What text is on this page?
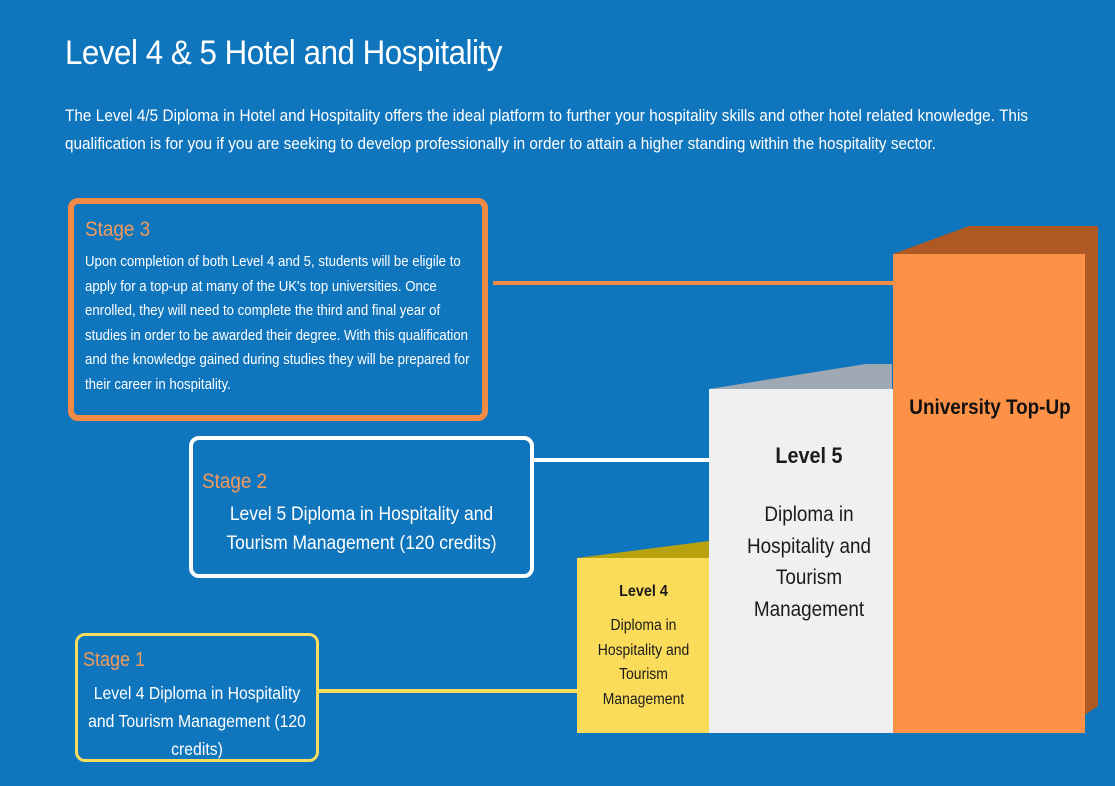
Level 4 & 5 Hotel and Hospitality
The Level 4/5 Diploma in Hotel and Hospitality offers the ideal platform to further your hospitality skills and other hotel related knowledge. This qualification is for you if you are seeking to develop professionally in order to attain a higher standing within the hospitality sector.
Level 4
Diploma in Hospitality and Tourism Management
Level 5
Diploma in Hospitality and Tourism Management
University Top-Up
Stage 3
Upon completion of both Level 4 and 5, students will be eligile to apply for a top-up at many of the UK's top universities. Once enrolled, they will need to complete the third and final year of studies in order to be awarded their degree. With this qualification and the knowledge gained during studies they will be prepared for their career in hospitality.
Stage 2
Level 5 Diploma in Hospitality and Tourism Management (120 credits)
Stage 1
Level 4 Diploma in Hospitality and Tourism Management (120 credits)
